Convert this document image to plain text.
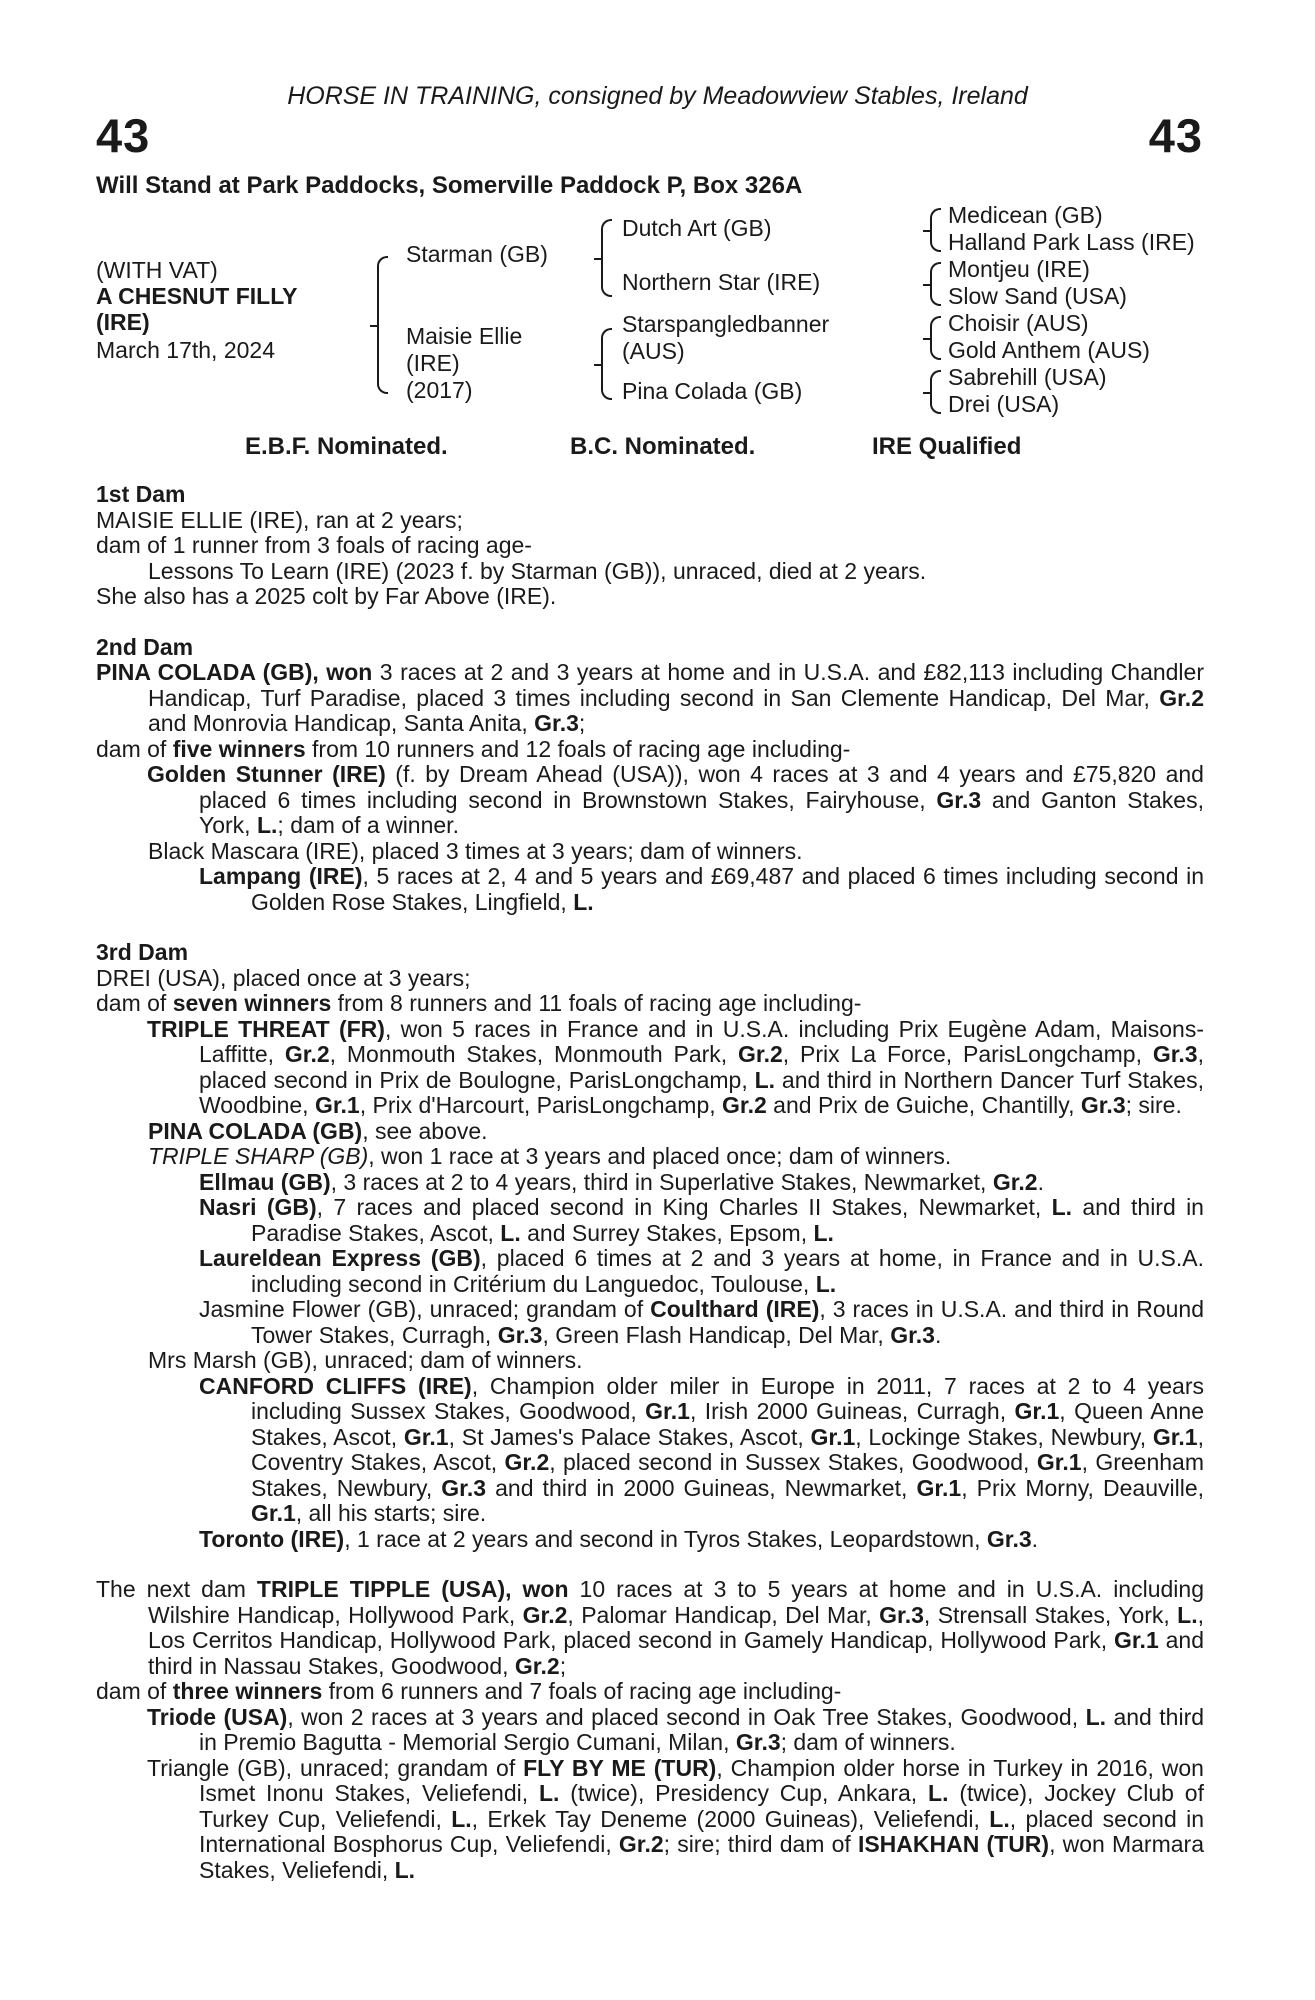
HORSE IN TRAINING, consigned by Meadowview Stables, Ireland
43	43
Will Stand at Park Paddocks, Somerville Paddock P, Box 326A
(WITH VAT)
A CHESNUT FILLY
(IRE)
March 17th, 2024
Starman (GB)
Maisie Ellie
(IRE)
(2017)
Dutch Art (GB)
Northern Star (IRE)
Starspangledbanner
(AUS)
Pina Colada (GB)
Medicean (GB)
Halland Park Lass (IRE)
Montjeu (IRE)
Slow Sand (USA)
Choisir (AUS)
Gold Anthem (AUS)
Sabrehill (USA)
Drei (USA)
E.B.F. Nominated.	B.C. Nominated.	IRE Qualified

1st Dam

MAISIE ELLIE (IRE), ran at 2 years;

dam of 1 runner from 3 foals of racing age-

Lessons To Learn (IRE) (2023 f. by Starman (GB)), unraced, died at 2 years.

She also has a 2025 colt by Far Above (IRE).

2nd Dam

PINA COLADA (GB), won 3 races at 2 and 3 years at home and in U.S.A. and £82,113 including Chandler Handicap, Turf Paradise, placed 3 times including second in San Clemente Handicap, Del Mar, Gr.2 and Monrovia Handicap, Santa Anita, Gr.3;

dam of five winners from 10 runners and 12 foals of racing age including-

Golden Stunner (IRE) (f. by Dream Ahead (USA)), won 4 races at 3 and 4 years and £75,820 and placed 6 times including second in Brownstown Stakes, Fairyhouse, Gr.3 and Ganton Stakes, York, L.; dam of a winner.

Black Mascara (IRE), placed 3 times at 3 years; dam of winners.

Lampang (IRE), 5 races at 2, 4 and 5 years and £69,487 and placed 6 times including second in Golden Rose Stakes, Lingfield, L.

3rd Dam

DREI (USA), placed once at 3 years;

dam of seven winners from 8 runners and 11 foals of racing age including-

TRIPLE THREAT (FR), won 5 races in France and in U.S.A. including Prix Eugène Adam, Maisons-Laffitte, Gr.2, Monmouth Stakes, Monmouth Park, Gr.2, Prix La Force, ParisLongchamp, Gr.3, placed second in Prix de Boulogne, ParisLongchamp, L. and third in Northern Dancer Turf Stakes, Woodbine, Gr.1, Prix d'Harcourt, ParisLongchamp, Gr.2 and Prix de Guiche, Chantilly, Gr.3; sire.

PINA COLADA (GB), see above.

TRIPLE SHARP (GB), won 1 race at 3 years and placed once; dam of winners.

Ellmau (GB), 3 races at 2 to 4 years, third in Superlative Stakes, Newmarket, Gr.2.

Nasri (GB), 7 races and placed second in King Charles II Stakes, Newmarket, L. and third in Paradise Stakes, Ascot, L. and Surrey Stakes, Epsom, L.

Laureldean Express (GB), placed 6 times at 2 and 3 years at home, in France and in U.S.A. including second in Critérium du Languedoc, Toulouse, L.

Jasmine Flower (GB), unraced; grandam of Coulthard (IRE), 3 races in U.S.A. and third in Round Tower Stakes, Curragh, Gr.3, Green Flash Handicap, Del Mar, Gr.3.

Mrs Marsh (GB), unraced; dam of winners.

CANFORD CLIFFS (IRE), Champion older miler in Europe in 2011, 7 races at 2 to 4 years including Sussex Stakes, Goodwood, Gr.1, Irish 2000 Guineas, Curragh, Gr.1, Queen Anne Stakes, Ascot, Gr.1, St James's Palace Stakes, Ascot, Gr.1, Lockinge Stakes, Newbury, Gr.1, Coventry Stakes, Ascot, Gr.2, placed second in Sussex Stakes, Goodwood, Gr.1, Greenham Stakes, Newbury, Gr.3 and third in 2000 Guineas, Newmarket, Gr.1, Prix Morny, Deauville, Gr.1, all his starts; sire.

Toronto (IRE), 1 race at 2 years and second in Tyros Stakes, Leopardstown, Gr.3.

The next dam TRIPLE TIPPLE (USA), won 10 races at 3 to 5 years at home and in U.S.A. including Wilshire Handicap, Hollywood Park, Gr.2, Palomar Handicap, Del Mar, Gr.3, Strensall Stakes, York, L., Los Cerritos Handicap, Hollywood Park, placed second in Gamely Handicap, Hollywood Park, Gr.1 and third in Nassau Stakes, Goodwood, Gr.2;

dam of three winners from 6 runners and 7 foals of racing age including-

Triode (USA), won 2 races at 3 years and placed second in Oak Tree Stakes, Goodwood, L. and third in Premio Bagutta - Memorial Sergio Cumani, Milan, Gr.3; dam of winners.

Triangle (GB), unraced; grandam of FLY BY ME (TUR), Champion older horse in Turkey in 2016, won Ismet Inonu Stakes, Veliefendi, L. (twice), Presidency Cup, Ankara, L. (twice), Jockey Club of Turkey Cup, Veliefendi, L., Erkek Tay Deneme (2000 Guineas), Veliefendi, L., placed second in International Bosphorus Cup, Veliefendi, Gr.2; sire; third dam of ISHAKHAN (TUR), won Marmara Stakes, Veliefendi, L.
